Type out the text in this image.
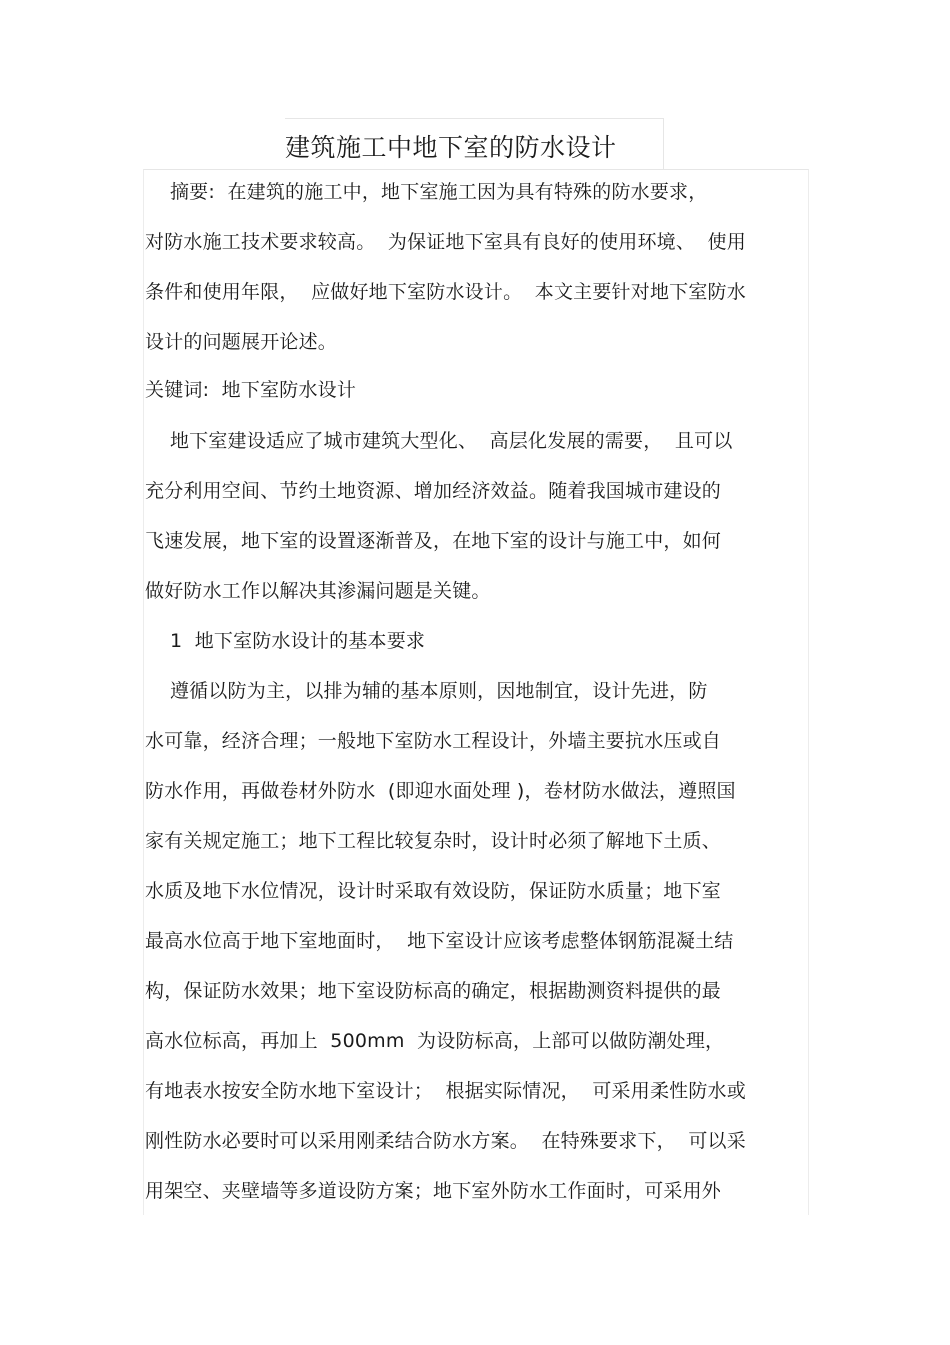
建筑施工中地下室的防水设计
摘要:  在建筑的施工中，地下室施工因为具有特殊的防水要求，
对防水施工技术要求较高。  为保证地下室具有良好的使用环境、  使用
条件和使用年限，  应做好地下室防水设计。  本文主要针对地下室防水
设计的问题展开论述。
关键词:  地下室防水设计
地下室建设适应了城市建筑大型化、  高层化发展的需要，  且可以
充分利用空间、节约土地资源、增加经济效益。随着我国城市建设的
飞速发展，地下室的设置逐渐普及，在地下室的设计与施工中，如何
做好防水工作以解决其渗漏问题是关键。
1  地下室防水设计的基本要求
遵循以防为主，以排为辅的基本原则，因地制宜，设计先进，防
水可靠，经济合理；一般地下室防水工程设计，外墙主要抗水压或自
防水作用，再做卷材外防水  (即迎水面处理 )，卷材防水做法，遵照国
家有关规定施工；地下工程比较复杂时，设计时必须了解地下土质、
水质及地下水位情况，设计时采取有效设防，保证防水质量；地下室
最高水位高于地下室地面时，  地下室设计应该考虑整体钢筋混凝土结
构，保证防水效果；地下室设防标高的确定，根据勘测资料提供的最
高水位标高，再加上  500mm  为设防标高，上部可以做防潮处理，
有地表水按安全防水地下室设计；  根据实际情况，  可采用柔性防水或
刚性防水必要时可以采用刚柔结合防水方案。  在特殊要求下，  可以采
用架空、夹壁墙等多道设防方案；地下室外防水工作面时，可采用外
